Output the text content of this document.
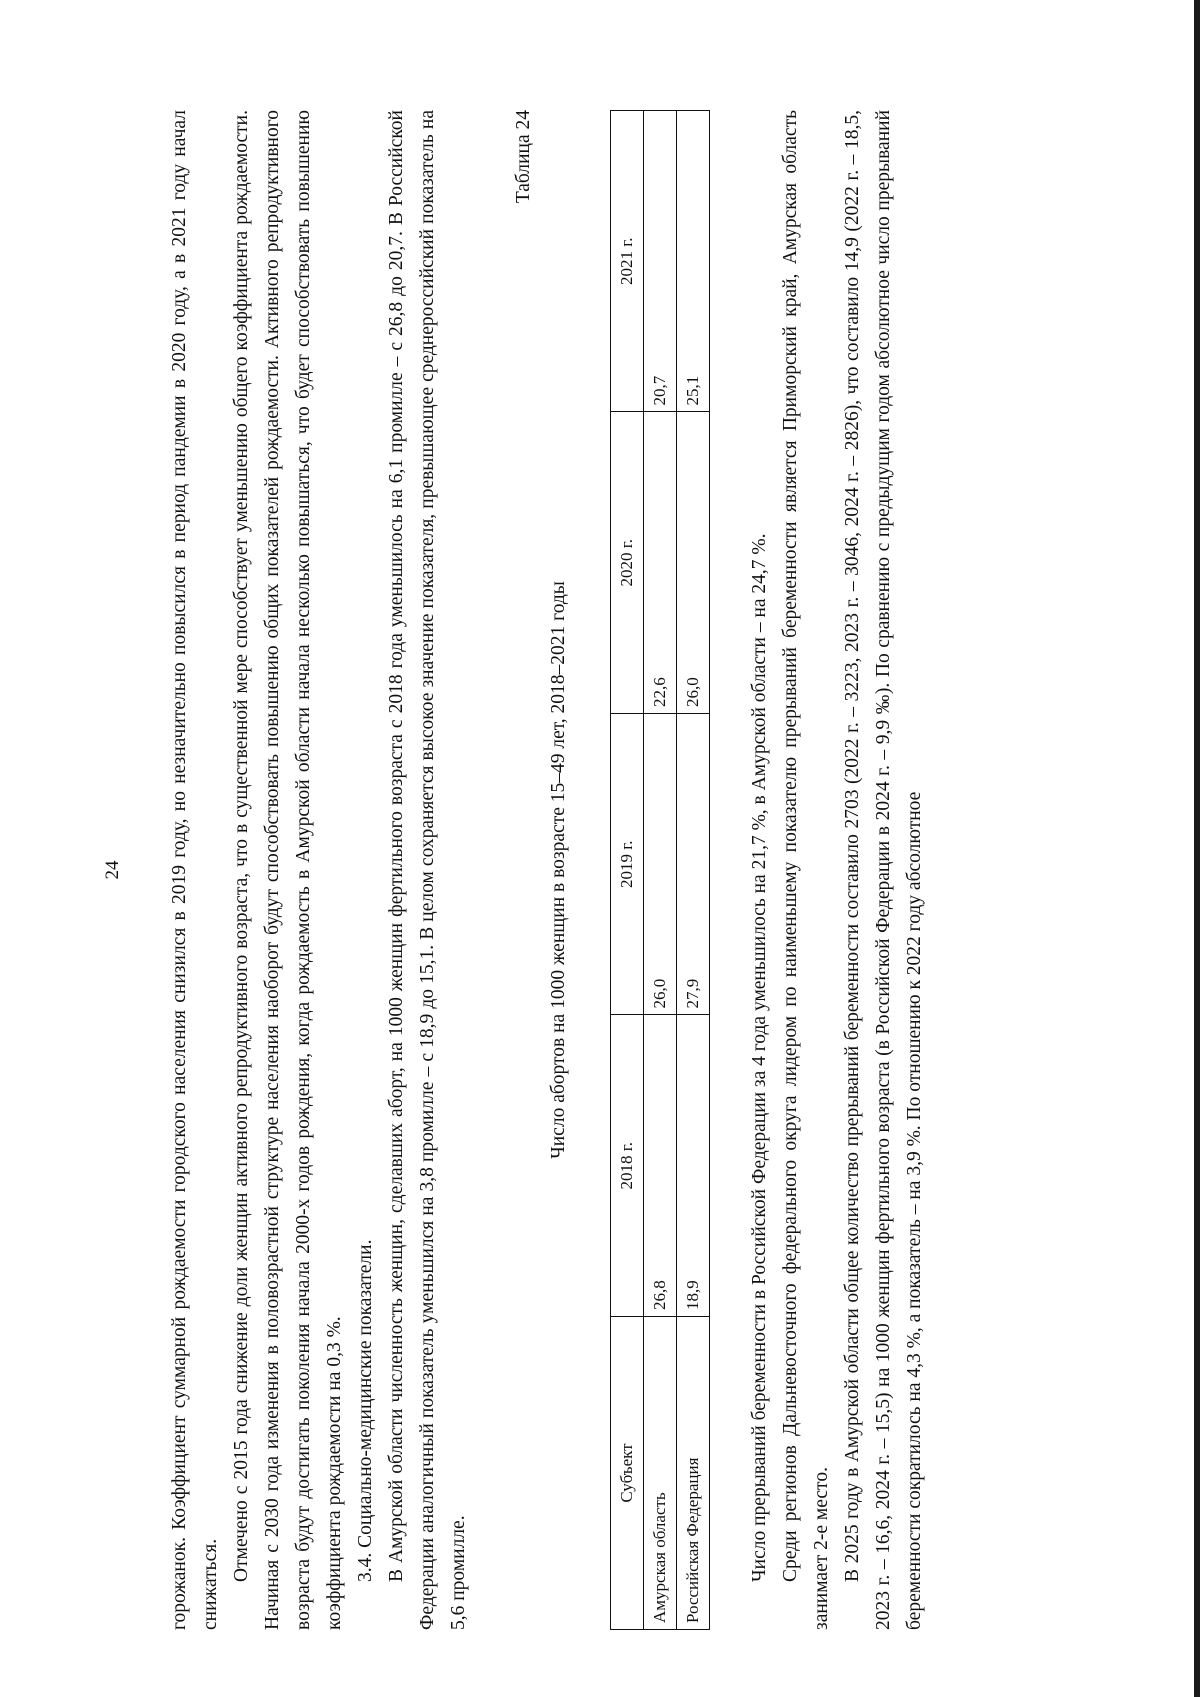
24 горожанок. Коэффициент суммарной рождаемости городского населения снизился в 2019 году, но незначительно повысился в период пандемии в 2020 году, а в 2021 году начал снижаться.

Отмечено с 2015 года снижение доли женщин активного репродуктивного возраста, что в существенной мере способствует уменьшению общего коэффициента рождаемости. Начиная с 2030 года изменения в половозрастной структуре населения наоборот будут способствовать повышению общих показателей рождаемости. Активного репродуктивного возраста будут достигать поколения начала 2000-х годов рождения, когда рождаемость в Амурской области начала несколько повышаться, что будет способствовать повышению коэффициента рождаемости на 0,3 %. 3.4. Социально-медицинские показатели. В Амурской области численность женщин, сделавших аборт, на 1000 женщин фертильного возраста с 2018 года уменьшилось на 6,1 промилле – с 26,8 до 20,7. В Российской Федерации аналогичный показатель уменьшился на 3,8 промилле – с 18,9 до 15,1. В целом сохраняется высокое значение показателя, превышающее среднероссийский показатель на 5,6 промилле.

Таблица 24
Число абортов на 1000 женщин в возрасте 15–49 лет, 2018–2021 годы
Субъект	2018 г.	2019 г.	2020 г.	2021 г.
Амурская область	26,8	26,0	22,6	20,7
Российская Федерация	18,9	27,9	26,0	25,1

Число прерываний беременности в Российской Федерации за 4 года уменьшилось на 21,7 %, в Амурской области – на 24,7 %. Среди регионов Дальневосточного федерального округа лидером по наименьшему показателю прерываний беременности является Приморский край, Амурская область занимает 2-е место. В 2025 году в Амурской области общее количество прерываний беременности составило 2703 (2022 г. – 3223, 2023 г. – 3046, 2024 г. – 2826), что составило 14,9 (2022 г. – 18,5, 2023 г. – 16,6, 2024 г. – 15,5) на 1000 женщин фертильного возраста (в Российской Федерации в 2024 г. – 9,9 ‰). По сравнению с предыдущим годом абсолютное число прерываний беременности сократилось на 4,3 %, а показатель – на 3,9 %. По отношению к 2022 году абсолютное
